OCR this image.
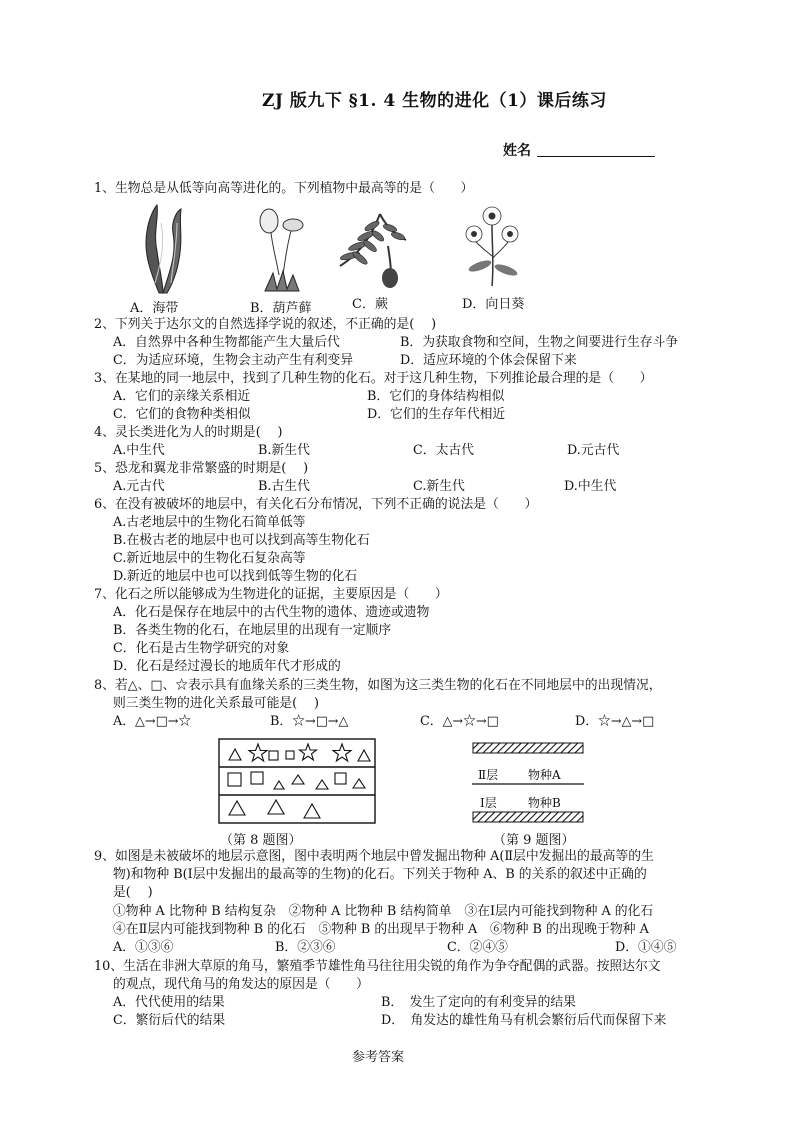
ZJ 版九下 §1. 4 生物的进化（1）课后练习
姓名
1、生物总是从低等向高等进化的。下列植物中最高等的是（　　）
A．海带	B．葫芦藓	C．蕨	D．向日葵
2、下列关于达尔文的自然选择学说的叙述，不正确的是(　 )
A．自然界中各种生物都能产生大量后代	B．为获取食物和空间，生物之间要进行生存斗争
C．为适应环境，生物会主动产生有利变异	D．适应环境的个体会保留下来
3、在某地的同一地层中，找到了几种生物的化石。对于这几种生物，下列推论最合理的是（　　）
A．它们的亲缘关系相近	B．它们的身体结构相似
C．它们的食物种类相似	D．它们的生存年代相近
4、灵长类进化为人的时期是(　 )
A.中生代	B.新生代	C．太古代	D.元古代
5、恐龙和翼龙非常繁盛的时期是(　 )
A.元古代	B.古生代	C.新生代	D.中生代
6、在没有被破坏的地层中，有关化石分布情况，下列不正确的说法是（　　）
A.古老地层中的生物化石简单低等
B.在极古老的地层中也可以找到高等生物化石
C.新近地层中的生物化石复杂高等
D.新近的地层中也可以找到低等生物的化石
7、化石之所以能够成为生物进化的证据，主要原因是（　　）
A．化石是保存在地层中的古代生物的遗体、遗迹或遗物
B．各类生物的化石，在地层里的出现有一定顺序
C．化石是古生物学研究的对象
D．化石是经过漫长的地质年代才形成的
8、若△、□、☆表示具有血缘关系的三类生物，如图为这三类生物的化石在不同地层中的出现情况，
则三类生物的进化关系最可能是(　 )
A．△→□→☆	B．☆→□→△	C．△→☆→□	D．☆→△→□
（第 8 题图）
Ⅱ层 物种A
Ⅰ层	物种B
（第 9 题图）
9、如图是未被破坏的地层示意图，图中表明两个地层中曾发掘出物种 A(Ⅱ层中发掘出的最高等的生
物)和物种 B(Ⅰ层中发掘出的最高等的生物)的化石。下列关于物种 A、B 的关系的叙述中正确的
是(　 )
①物种 A 比物种 B 结构复杂　②物种 A 比物种 B 结构简单　③在Ⅰ层内可能找到物种 A 的化石
④在Ⅱ层内可能找到物种 B 的化石　⑤物种 B 的出现早于物种 A　⑥物种 B 的出现晚于物种 A
A．①③⑥	B．②③⑥	C．②④⑤	D．①④⑤
10、生活在非洲大草原的角马，繁殖季节雄性角马往往用尖锐的角作为争夺配偶的武器。按照达尔文
的观点，现代角马的角发达的原因是（　　）
A．代代使用的结果	B．　发生了定向的有利变异的结果
C．繁衍后代的结果	D．　角发达的雄性角马有机会繁衍后代而保留下来
参考答案
